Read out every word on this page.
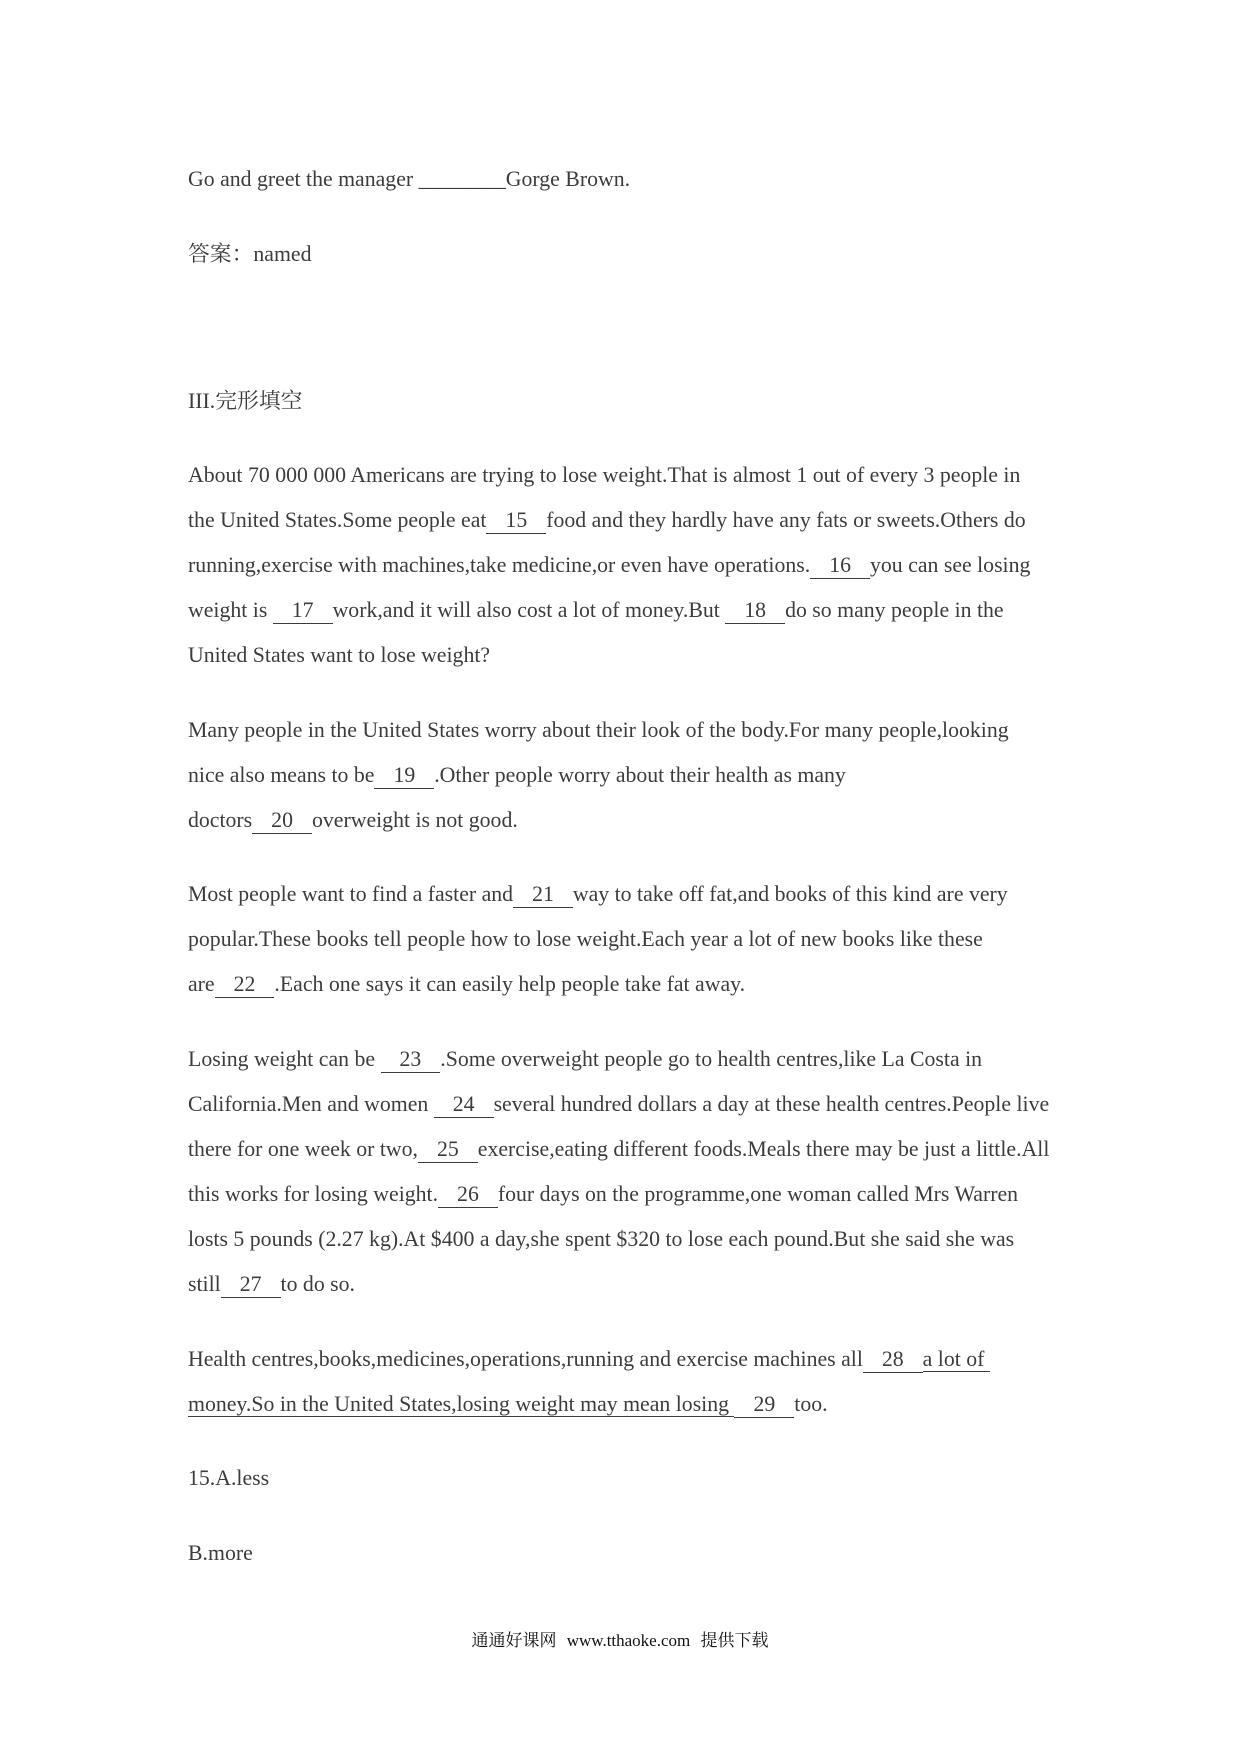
Go and greet the manager ________Gorge Brown.
答案：named
III.完形填空
About 70 000 000 Americans are trying to lose weight.That is almost 1 out of every 3 people in
the United States.Some people eat 15 food and they hardly have any fats or sweets.Others do
running,exercise with machines,take medicine,or even have operations. 16 you can see losing
weight is 17 work,and it will also cost a lot of money.But 18 do so many people in the
United States want to lose weight?
Many people in the United States worry about their look of the body.For many people,looking
nice also means to be 19 .Other people worry about their health as many
doctors 20 overweight is not good.
Most people want to find a faster and 21 way to take off fat,and books of this kind are very
popular.These books tell people how to lose weight.Each year a lot of new books like these
are 22 .Each one says it can easily help people take fat away.
Losing weight can be 23 .Some overweight people go to health centres,like La Costa in
California.Men and women 24 several hundred dollars a day at these health centres.People live
there for one week or two, 25 exercise,eating different foods.Meals there may be just a little.All
this works for losing weight. 26 four days on the programme,one woman called Mrs Warren
losts 5 pounds (2.27 kg).At $400 a day,she spent $320 to lose each pound.But she said she was
still 27 to do so.
Health centres,books,medicines,operations,running and exercise machines all 28 a lot of
money.So in the United States,losing weight may mean losing 29 too.
15.A.less
B.more
通通好课网 www.tthaoke.com 提供下载
